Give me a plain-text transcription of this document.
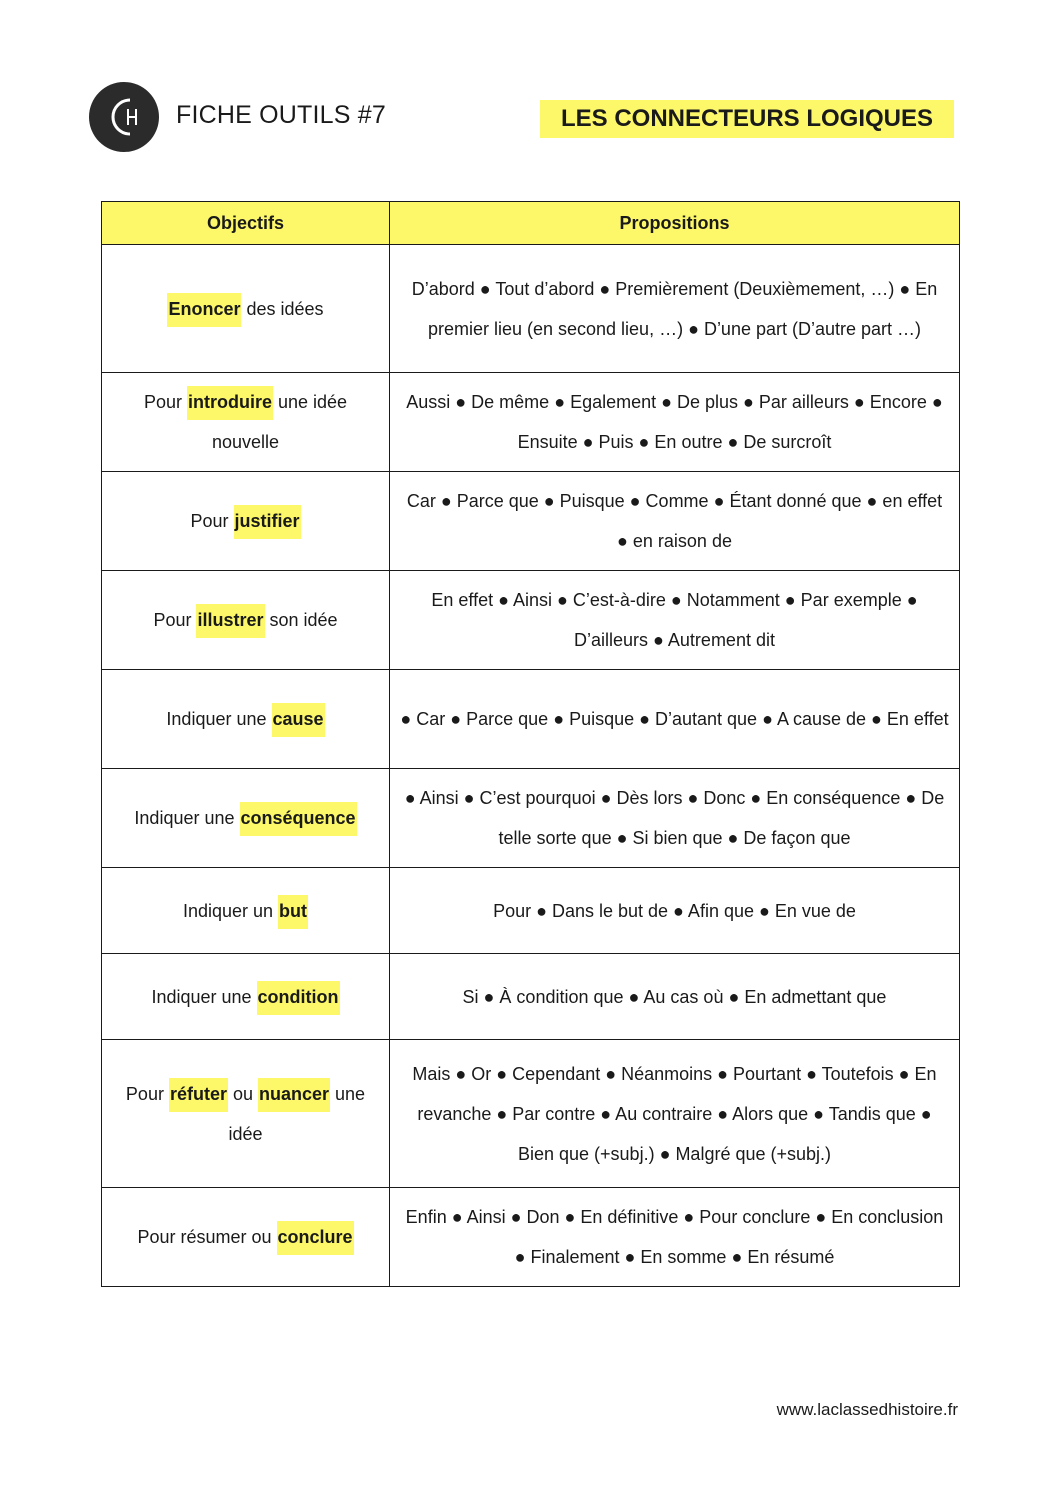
FICHE OUTILS #7	LES CONNECTEURS LOGIQUES
Objectifs	Propositions
Enoncer des idées	D’abord ● Tout d’abord ● Premièrement (Deuxièmement, …) ● En premier lieu (en second lieu, …) ● D’une part (D’autre part …)
Pour introduire une idée nouvelle	Aussi ● De même ● Egalement ● De plus ● Par ailleurs ● Encore ● Ensuite ● Puis ● En outre ● De surcroît
Pour justifier	Car ● Parce que ● Puisque ● Comme ● Étant donné que ● en effet ● en raison de
Pour illustrer son idée	En effet ● Ainsi ● C’est-à-dire ● Notamment ● Par exemple ● D’ailleurs ● Autrement dit
Indiquer une cause	● Car ● Parce que ● Puisque ● D’autant que ● A cause de ● En effet
Indiquer une conséquence	● Ainsi ● C’est pourquoi ● Dès lors ● Donc ● En conséquence ● De telle sorte que ● Si bien que ● De façon que
Indiquer un but	Pour ● Dans le but de ● Afin que ● En vue de
Indiquer une condition	Si ● À condition que ● Au cas où ● En admettant que
Pour réfuter ou nuancer une idée	Mais ● Or ● Cependant ● Néanmoins ● Pourtant ● Toutefois ● En revanche ● Par contre ● Au contraire ● Alors que ● Tandis que ● Bien que (+subj.) ● Malgré que (+subj.)
Pour résumer ou conclure	Enfin ● Ainsi ● Don ● En définitive ● Pour conclure ● En conclusion ● Finalement ● En somme ● En résumé
www.laclassedhistoire.fr
